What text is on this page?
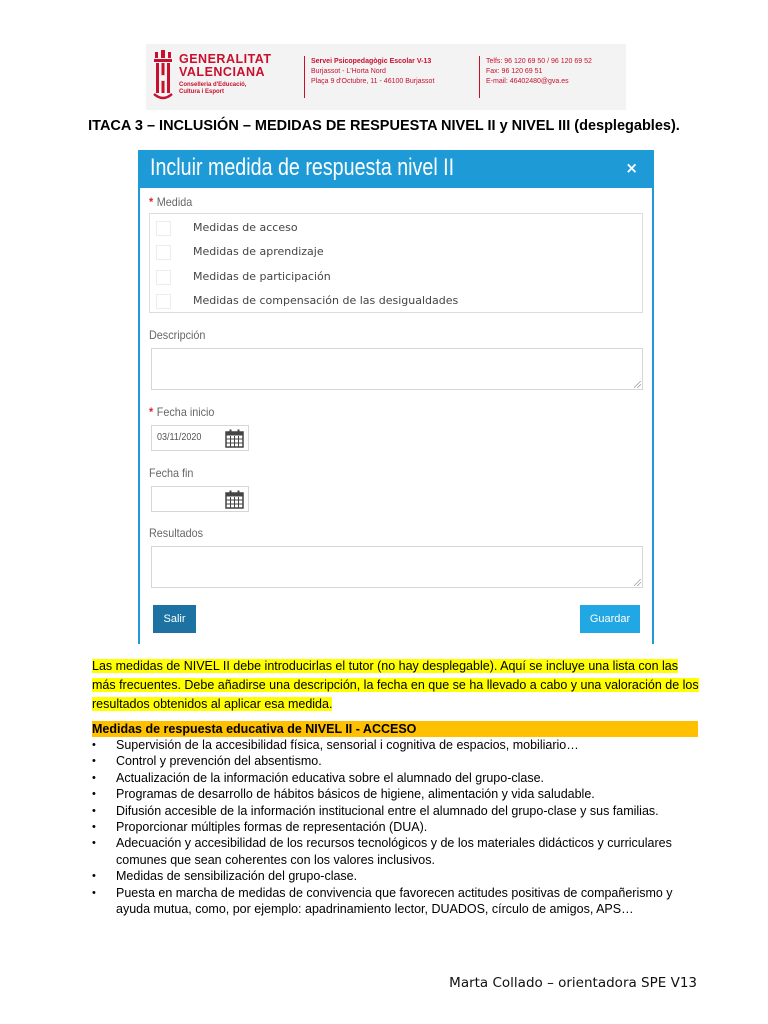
GENERALITAT
VALENCIANA
Conselleria d'Educació, Cultura i Esport
Servei Psicopedagògic Escolar V-13
Burjassot - L'Horta Nord
Plaça 9 d'Octubre, 11 - 46100 Burjassot
Telfs: 96 120 69 50 / 96 120 69 52
Fax: 96 120 69 51
E-mail: 46402480@gva.es
ITACA 3 – INCLUSIÓN – MEDIDAS DE RESPUESTA NIVEL II y NIVEL III (desplegables).
Incluir medida de respuesta nivel II	×
* Medida
Medidas de acceso
Medidas de aprendizaje
Medidas de participación
Medidas de compensación de las desigualdades
Descripción
* Fecha inicio
03/11/2020
Fecha fin
Resultados
Salir	Guardar
Las medidas de NIVEL II debe introducirlas el tutor (no hay desplegable). Aquí se incluye una lista con las más frecuentes. Debe añadirse una descripción, la fecha en que se ha llevado a cabo y una valoración de los resultados obtenidos al aplicar esa medida.
Medidas de respuesta educativa de NIVEL II - ACCESO
• Supervisión de la accesibilidad física, sensorial i cognitiva de espacios, mobiliario…
• Control y prevención del absentismo.
• Actualización de la información educativa sobre el alumnado del grupo-clase.
• Programas de desarrollo de hábitos básicos de higiene, alimentación y vida saludable.
• Difusión accesible de la información institucional entre el alumnado del grupo-clase y sus familias.
• Proporcionar múltiples formas de representación (DUA).
• Adecuación y accesibilidad de los recursos tecnológicos y de los materiales didácticos y curriculares comunes que sean coherentes con los valores inclusivos.
• Medidas de sensibilización del grupo-clase.
• Puesta en marcha de medidas de convivencia que favorecen actitudes positivas de compañerismo y ayuda mutua, como, por ejemplo: apadrinamiento lector, DUADOS, círculo de amigos, APS…
Marta Collado – orientadora SPE V13
